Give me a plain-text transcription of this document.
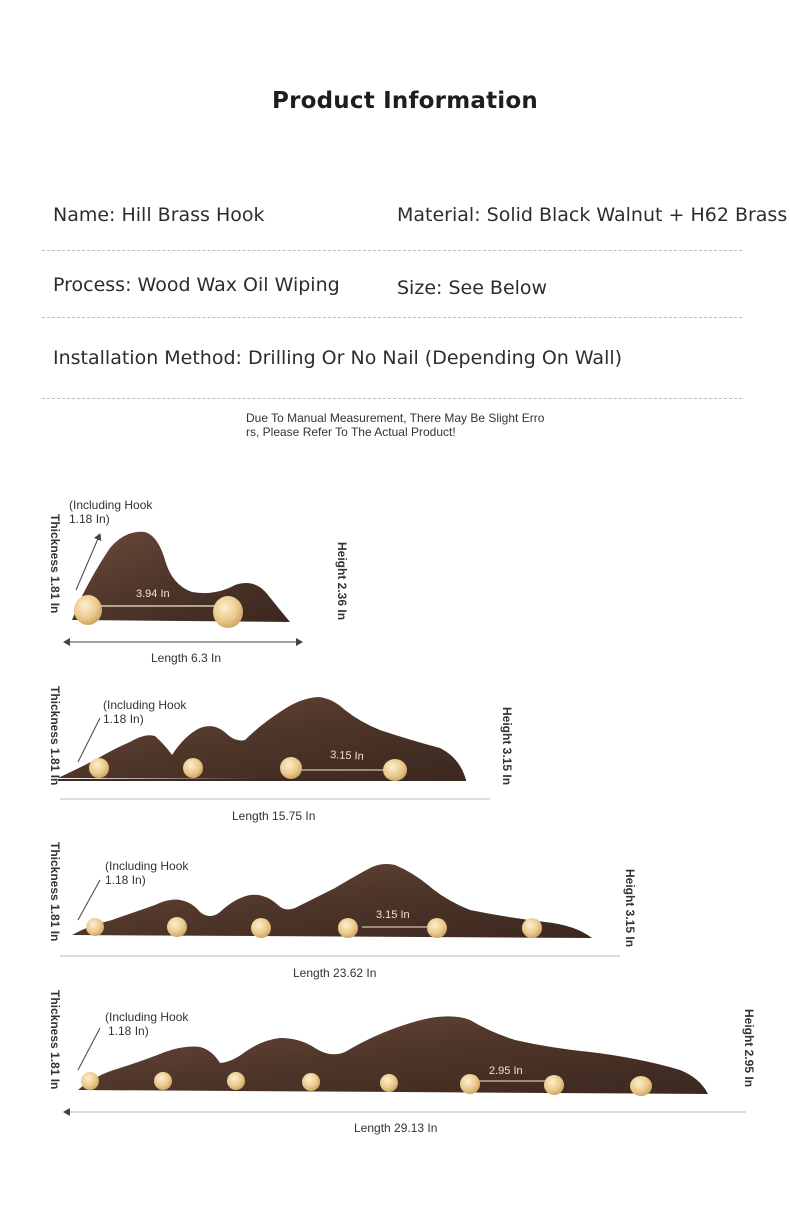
Product Information
Name: Hill Brass Hook	Material: Solid Black Walnut + H62 Brass
Process: Wood Wax Oil Wiping	Size: See Below
Installation Method: Drilling Or No Nail (Depending On Wall)
Due To Manual Measurement, There May Be Slight Errors, Please Refer To The Actual Product!
3.94 In
Length 6.3 In
(Including Hook
1.18 In)
Thickness 1.81 In	Height 2.36 In
3.15 In
Length 15.75 In
(Including Hook
1.18 In)
Thickness 1.81 In	Height 3.15 In
3.15 In
Length 23.62 In
(Including Hook
1.18 In)
Thickness 1.81 In	Height 3.15 In
2.95 In
Length 29.13 In
(Including Hook
1.18 In)
Thickness 1.81 In	Height 2.95 In
